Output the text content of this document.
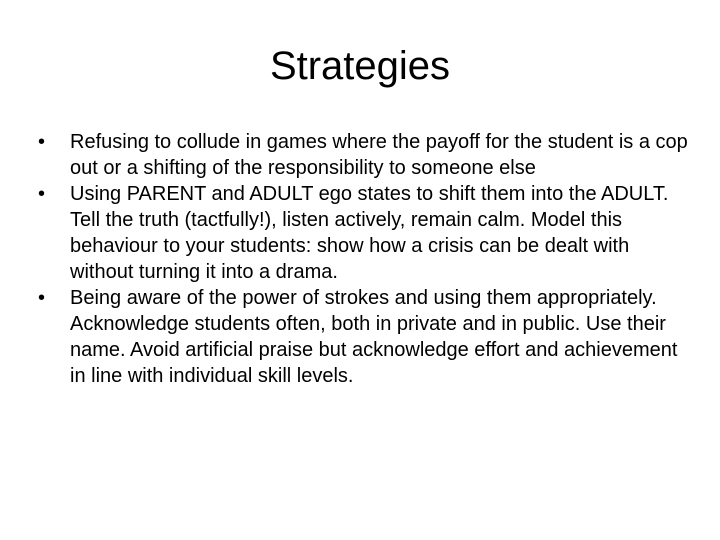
Strategies
•	Refusing to collude in games where the payoff for the student is a cop out or a shifting of the responsibility to someone else
•	Using PARENT and ADULT ego states to shift them into the ADULT. Tell the truth (tactfully!), listen actively, remain calm. Model this behaviour to your students: show how a crisis can be dealt with without turning it into a drama.
•	Being aware of the power of strokes and using them appropriately. Acknowledge students often, both in private and in public. Use their name. Avoid artificial praise but acknowledge effort and achievement in line with individual skill levels.
